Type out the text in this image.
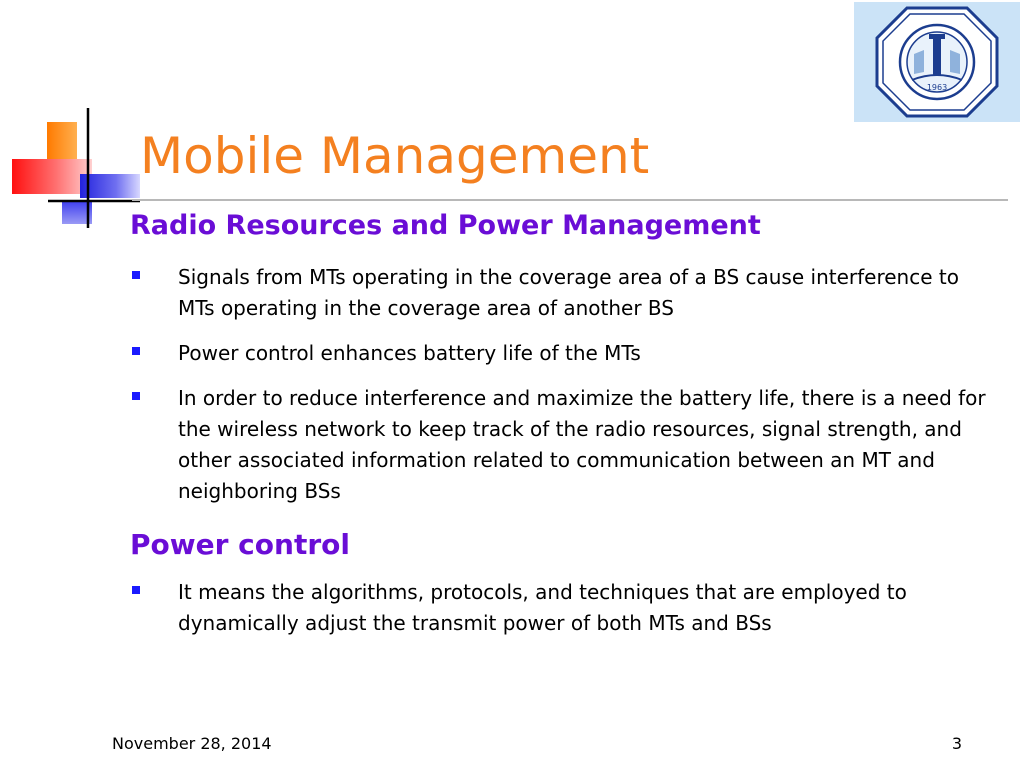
1963
Mobile Management
Radio Resources and Power Management
Signals from MTs operating in the coverage area of a BS cause interference to MTs operating in the coverage area of another BS
Power control enhances battery life of the MTs
In order to reduce interference and maximize the battery life, there is a need for the wireless network to keep track of the radio resources, signal strength, and other associated information related to communication between an MT and neighboring BSs
Power control
It means the algorithms, protocols, and techniques that are employed to dynamically adjust the transmit power of both MTs and BSs
November 28, 2014	3
